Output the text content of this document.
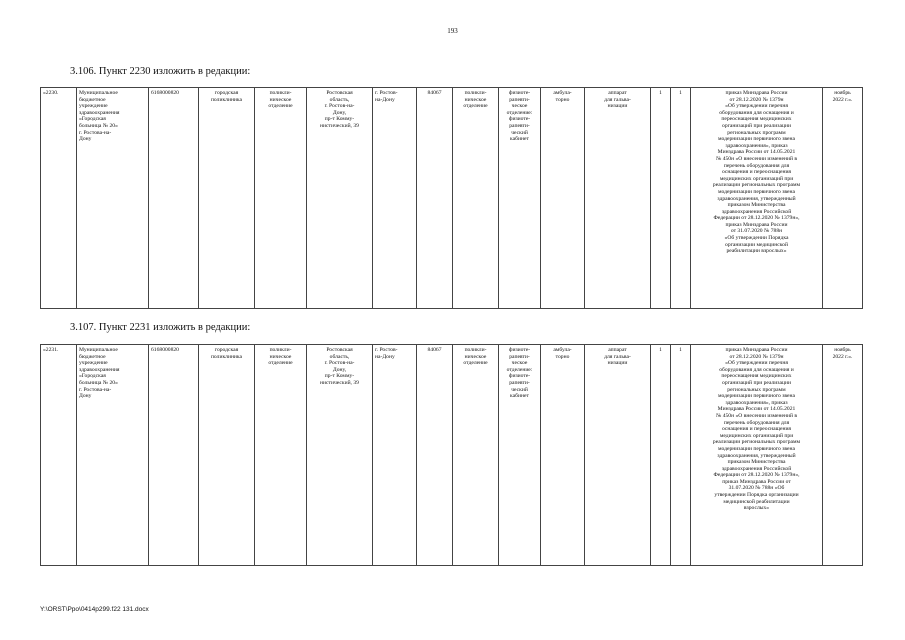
193
3.106. Пункт 2230 изложить в редакции:
«2230.	Муниципальное
бюджетное
учреждение
здравоохранения
«Городская
больница № 20»
г. Ростова-на-
Дону	6168000820	городская
поликлиника	поликли-
ническое
отделение	Ростовская
область,
г. Ростов-на-
Дону,
пр-т Комму-
нистический, 39	г. Ростов-
на-Дону	84067	поликли-
ническое
отделение	физиоте-
рапевти-
ческое
отделение:
физиоте-
рапевти-
ческий
кабинет	амбула-
торно	аппарат
для гальва-
низации	1	1	приказ Минздрава России
от 28.12.2020 № 1379н
«Об утверждении перечня
оборудования для оснащения и
переоснащения медицинских
организаций при реализации
региональных программ
модернизации первичного звена
здравоохранения», приказ
Минздрава России от 14.05.2021
№ 450н «О внесении изменений в
перечень оборудования для
оснащения и переоснащения
медицинских организаций при
реализации региональных программ
модернизации первичного звена
здравоохранения, утвержденный
приказом Министерства
здравоохранения Российской
Федерации от 28.12.2020 № 1379н»,
приказ Минздрава России
от 31.07.2020 № 788н
«Об утверждении Порядка
организации медицинской
реабилитации взрослых»	ноябрь
2022 г.».
3.107. Пункт 2231 изложить в редакции:
«2231.	Муниципальное
бюджетное
учреждение
здравоохранения
«Городская
больница № 20»
г. Ростова-на-
Дону	6168000820	городская
поликлиника	поликли-
ническое
отделение	Ростовская
область,
г. Ростов-на-
Дону,
пр-т Комму-
нистический, 39	г. Ростов-
на-Дону	84067	поликли-
ническое
отделение	физиоте-
рапевти-
ческое
отделение:
физиоте-
рапевти-
ческий
кабинет	амбула-
торно	аппарат
для гальва-
низации	1	1	приказ Минздрава России
от 28.12.2020 № 1379н
«Об утверждении перечня
оборудования для оснащения и
переоснащения медицинских
организаций при реализации
региональных программ
модернизации первичного звена
здравоохранения», приказ
Минздрава России от 14.05.2021
№ 450н «О внесении изменений в
перечень оборудования для
оснащения и переоснащения
медицинских организаций при
реализации региональных программ
модернизации первичного звена
здравоохранения, утвержденный
приказом Министерства
здравоохранения Российской
Федерации от 28.12.2020 № 1379н»,
приказ Минздрава России от
31.07.2020 № 788н «Об
утверждении Порядка организации
медицинской реабилитации
взрослых»	ноябрь
2022 г.».
Y:\ORST\Ppo\0414p299.f22 131.docx
